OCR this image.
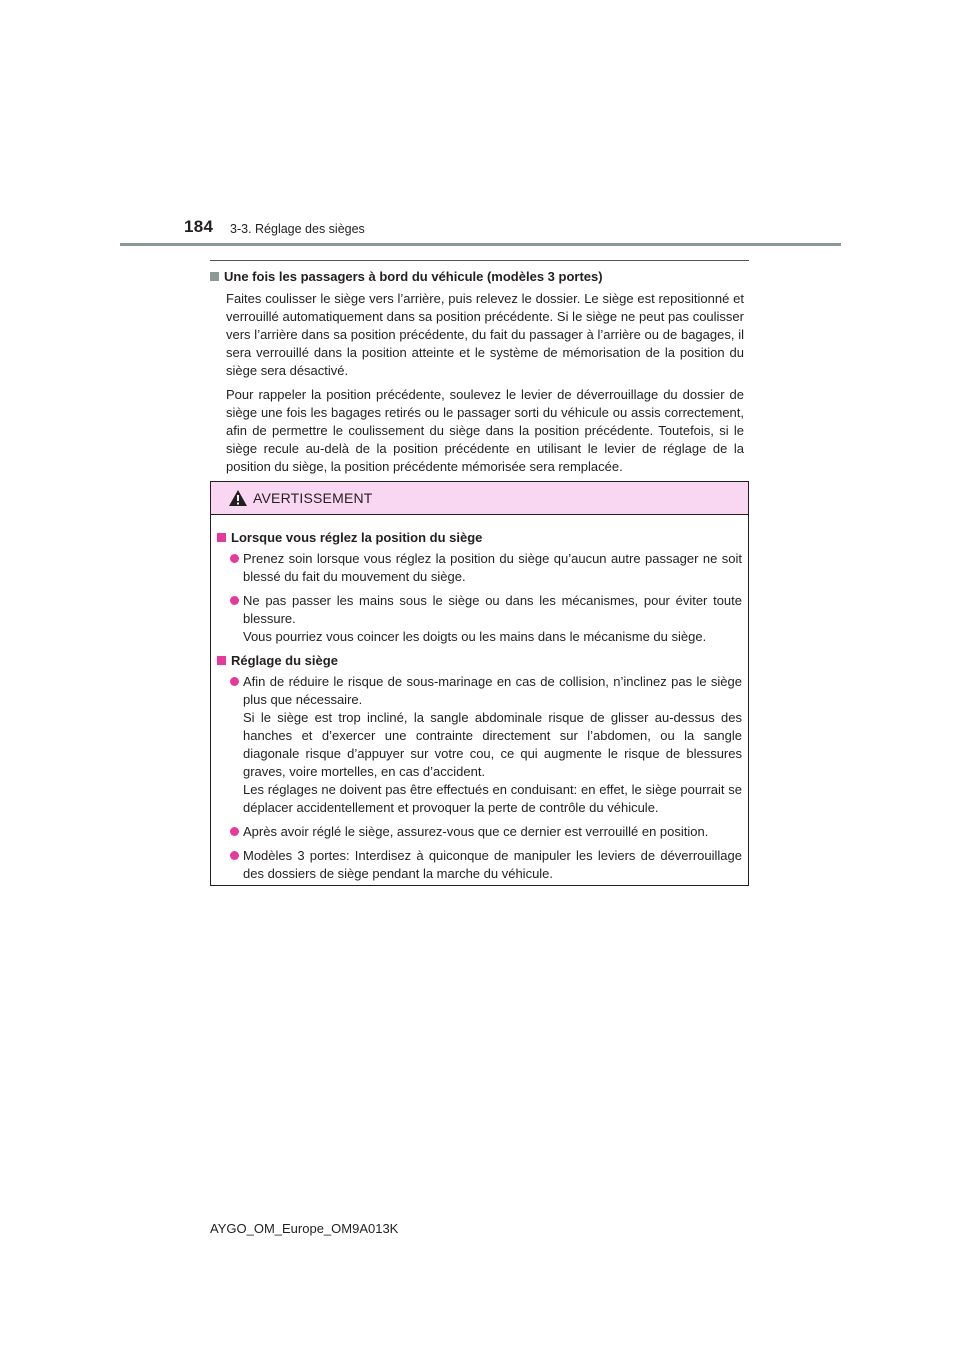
184 3-3. Réglage des sièges
Une fois les passagers à bord du véhicule (modèles 3 portes)

Faites coulisser le siège vers l’arrière, puis relevez le dossier. Le siège est repositionné et verrouillé automatiquement dans sa position précédente. Si le siège ne peut pas coulisser vers l’arrière dans sa position précédente, du fait du passager à l’arrière ou de bagages, il sera verrouillé dans la position atteinte et le système de mémorisation de la position du siège sera désactivé.

Pour rappeler la position précédente, soulevez le levier de déverrouillage du dossier de siège une fois les bagages retirés ou le passager sorti du véhicule ou assis correctement, afin de permettre le coulissement du siège dans la position précédente. Toutefois, si le siège recule au-delà de la position précédente en utilisant le levier de réglage de la position du siège, la position précédente mémorisée sera remplacée.

AVERTISSEMENT
Lorsque vous réglez la position du siège
Prenez soin lorsque vous réglez la position du siège qu’aucun autre passager ne soit blessé du fait du mouvement du siège.
Ne pas passer les mains sous le siège ou dans les mécanismes, pour éviter toute blessure.
Vous pourriez vous coincer les doigts ou les mains dans le mécanisme du siège.
Réglage du siège
Afin de réduire le risque de sous-marinage en cas de collision, n’inclinez pas le siège plus que nécessaire.
Si le siège est trop incliné, la sangle abdominale risque de glisser au-dessus des hanches et d’exercer une contrainte directement sur l’abdomen, ou la sangle diagonale risque d’appuyer sur votre cou, ce qui augmente le risque de blessures graves, voire mortelles, en cas d’accident.
Les réglages ne doivent pas être effectués en conduisant: en effet, le siège pourrait se déplacer accidentellement et provoquer la perte de contrôle du véhicule.
Après avoir réglé le siège, assurez-vous que ce dernier est verrouillé en position.
Modèles 3 portes: Interdisez à quiconque de manipuler les leviers de déverrouillage des dossiers de siège pendant la marche du véhicule.
AYGO_OM_Europe_OM9A013K
